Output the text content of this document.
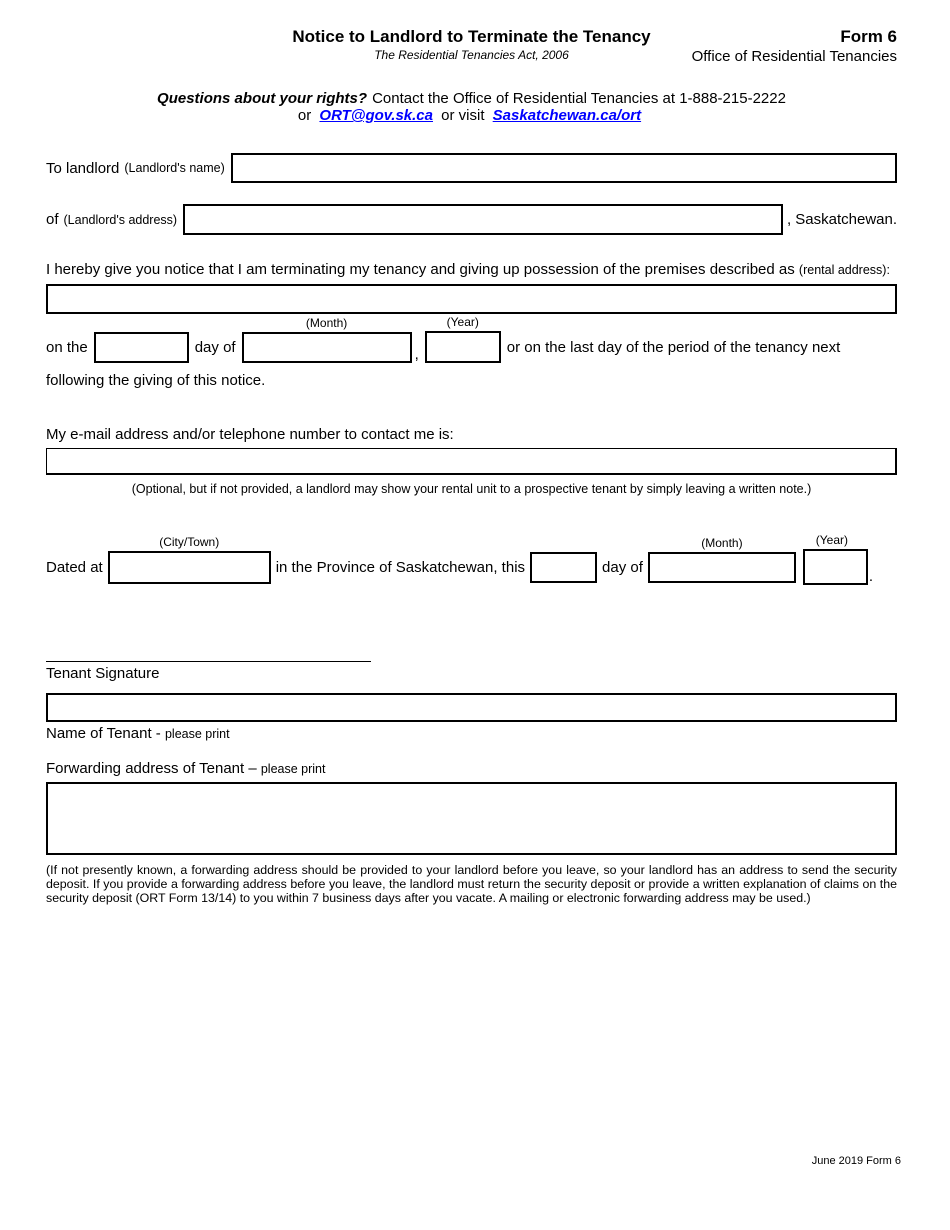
Notice to Landlord to Terminate the Tenancy
The Residential Tenancies Act, 2006
Form 6
Office of Residential Tenancies
Questions about your rights? Contact the Office of Residential Tenancies at 1-888-215-2222
or ORT@gov.sk.ca or visit Saskatchewan.ca/ort
To landlord (Landlord's name)
of (Landlord's address)	, Saskatchewan.

I hereby give you notice that I am terminating my tenancy and giving up possession of the premises described as (rental address):

on the	day of
(Month)
,
(Year)
or on the last day of the period of the tenancy next

following the giving of this notice.

My e-mail address and/or telephone number to contact me is:

(Optional, but if not provided, a landlord may show your rental unit to a prospective tenant by simply leaving a written note.)

Dated at
(City/Town)
in the Province of Saskatchewan, this	day of
(Month)	(Year)
.
Tenant Signature
Name of Tenant - please print
Forwarding address of Tenant – please print

(If not presently known, a forwarding address should be provided to your landlord before you leave, so your landlord has an address to send the security deposit. If you provide a forwarding address before you leave, the landlord must return the security deposit or provide a written explanation of claims on the security deposit (ORT Form 13/14) to you within 7 business days after you vacate. A mailing or electronic forwarding address may be used.)

June 2019 Form 6
